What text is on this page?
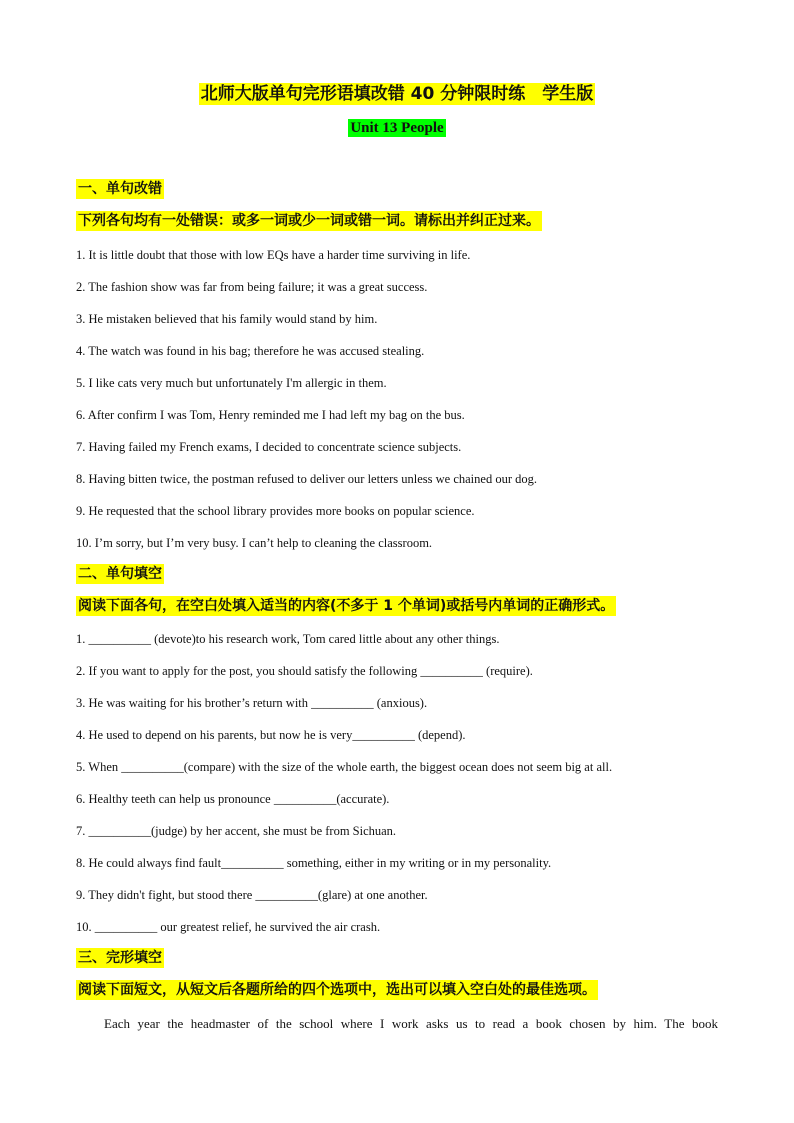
北师大版单句完形语填改错 40 分钟限时练　学生版
Unit 13 People
一、单句改错
下列各句均有一处错误：或多一词或少一词或错一词。请标出并纠正过来。
1. It is little doubt that those with low EQs have a harder time surviving in life.
2. The fashion show was far from being failure; it was a great success.
3. He mistaken believed that his family would stand by him.
4. The watch was found in his bag; therefore he was accused stealing.
5. I like cats very much but unfortunately I'm allergic in them.
6. After confirm I was Tom, Henry reminded me I had left my bag on the bus.
7. Having failed my French exams, I decided to concentrate science subjects.
8. Having bitten twice, the postman refused to deliver our letters unless we chained our dog.
9. He requested that the school library provides more books on popular science.
10. I’m sorry, but I’m very busy. I can’t help to cleaning the classroom.
二、单句填空
阅读下面各句，在空白处填入适当的内容(不多于 1 个单词)或括号内单词的正确形式。
1. __________ (devote)to his research work, Tom cared little about any other things.
2. If you want to apply for the post, you should satisfy the following __________ (require).
3. He was waiting for his brother’s return with __________ (anxious).
4. He used to depend on his parents, but now he is very__________ (depend).
5. When __________(compare) with the size of the whole earth, the biggest ocean does not seem big at all.
6. Healthy teeth can help us pronounce __________(accurate).
7. __________(judge) by her accent, she must be from Sichuan.
8. He could always find fault__________ something, either in my writing or in my personality.
9. They didn't fight, but stood there __________(glare) at one another.
10. __________ our greatest relief, he survived the air crash.
三、完形填空
阅读下面短文，从短文后各题所给的四个选项中，选出可以填入空白处的最佳选项。
Each year the headmaster of the school where I work asks us to read a book chosen by him. The book
